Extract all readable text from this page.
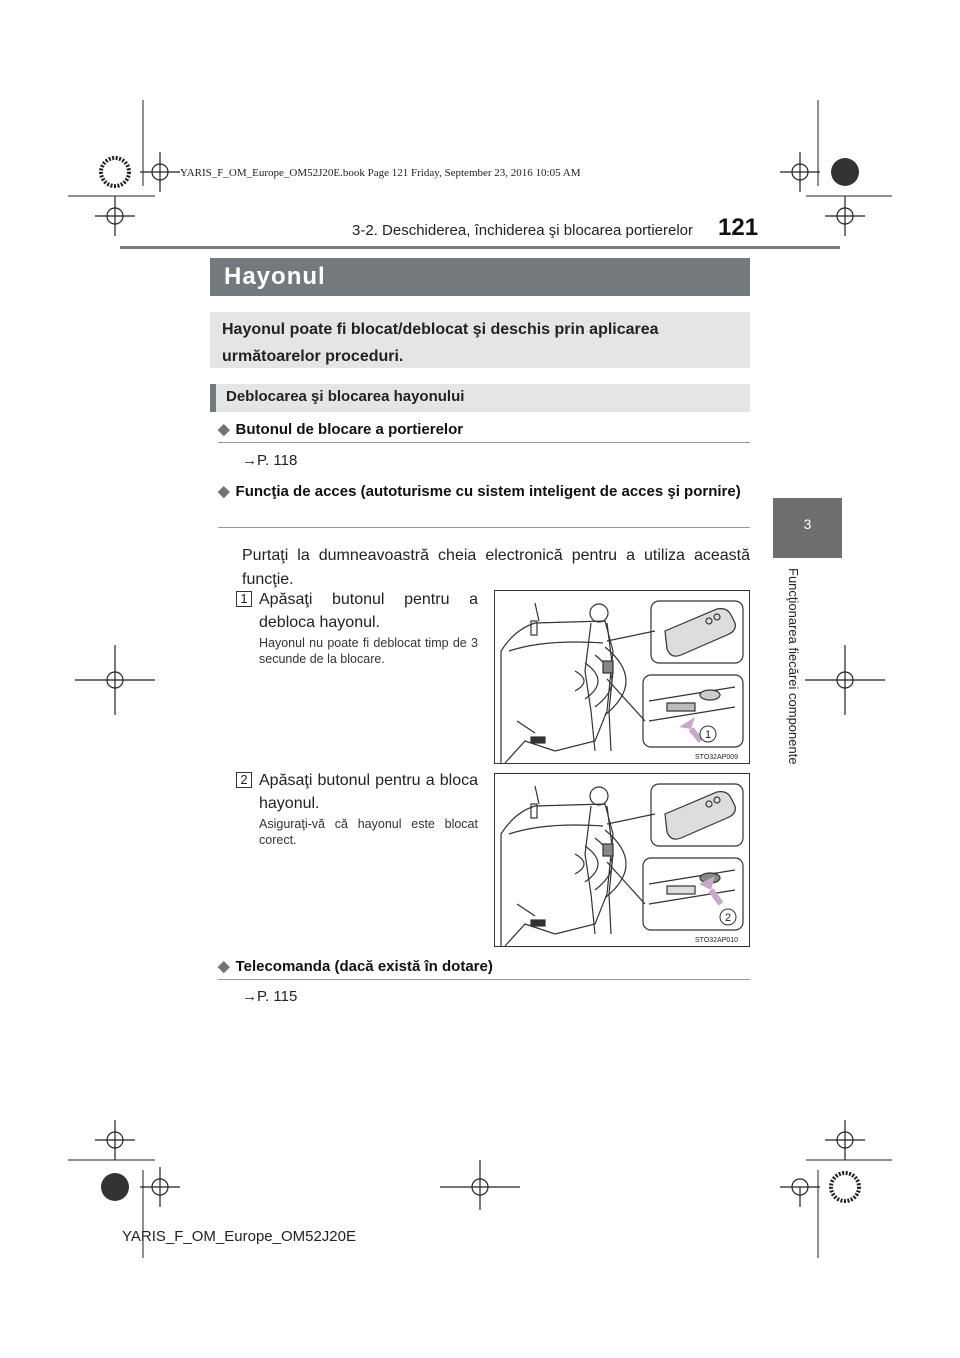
YARIS_F_OM_Europe_OM52J20E.book Page 121 Friday, September 23, 2016 10:05 AM
3-2. Deschiderea, închiderea şi blocarea portierelor 121
3
Funcţionarea fiecărei componente
Hayonul

Hayonul poate fi blocat/deblocat şi deschis prin aplicarea următoarelor proceduri.

Deblocarea şi blocarea hayonului
◆ Butonul de blocare a portierelor
→P. 118
◆ Funcţia de acces (autoturisme cu sistem inteligent de acces şi pornire)
Purtaţi la dumneavoastră cheia electronică pentru a utiliza această funcţie.
1 Apăsaţi butonul pentru a debloca hayonul.
Hayonul nu poate fi deblocat timp de 3 secunde de la blocare.
1
STO32AP009
2 Apăsaţi butonul pentru a bloca hayonul.
Asiguraţi-vă că hayonul este blocat corect.
2
STO32AP010
◆ Telecomanda (dacă există în dotare)
→P. 115
YARIS_F_OM_Europe_OM52J20E
